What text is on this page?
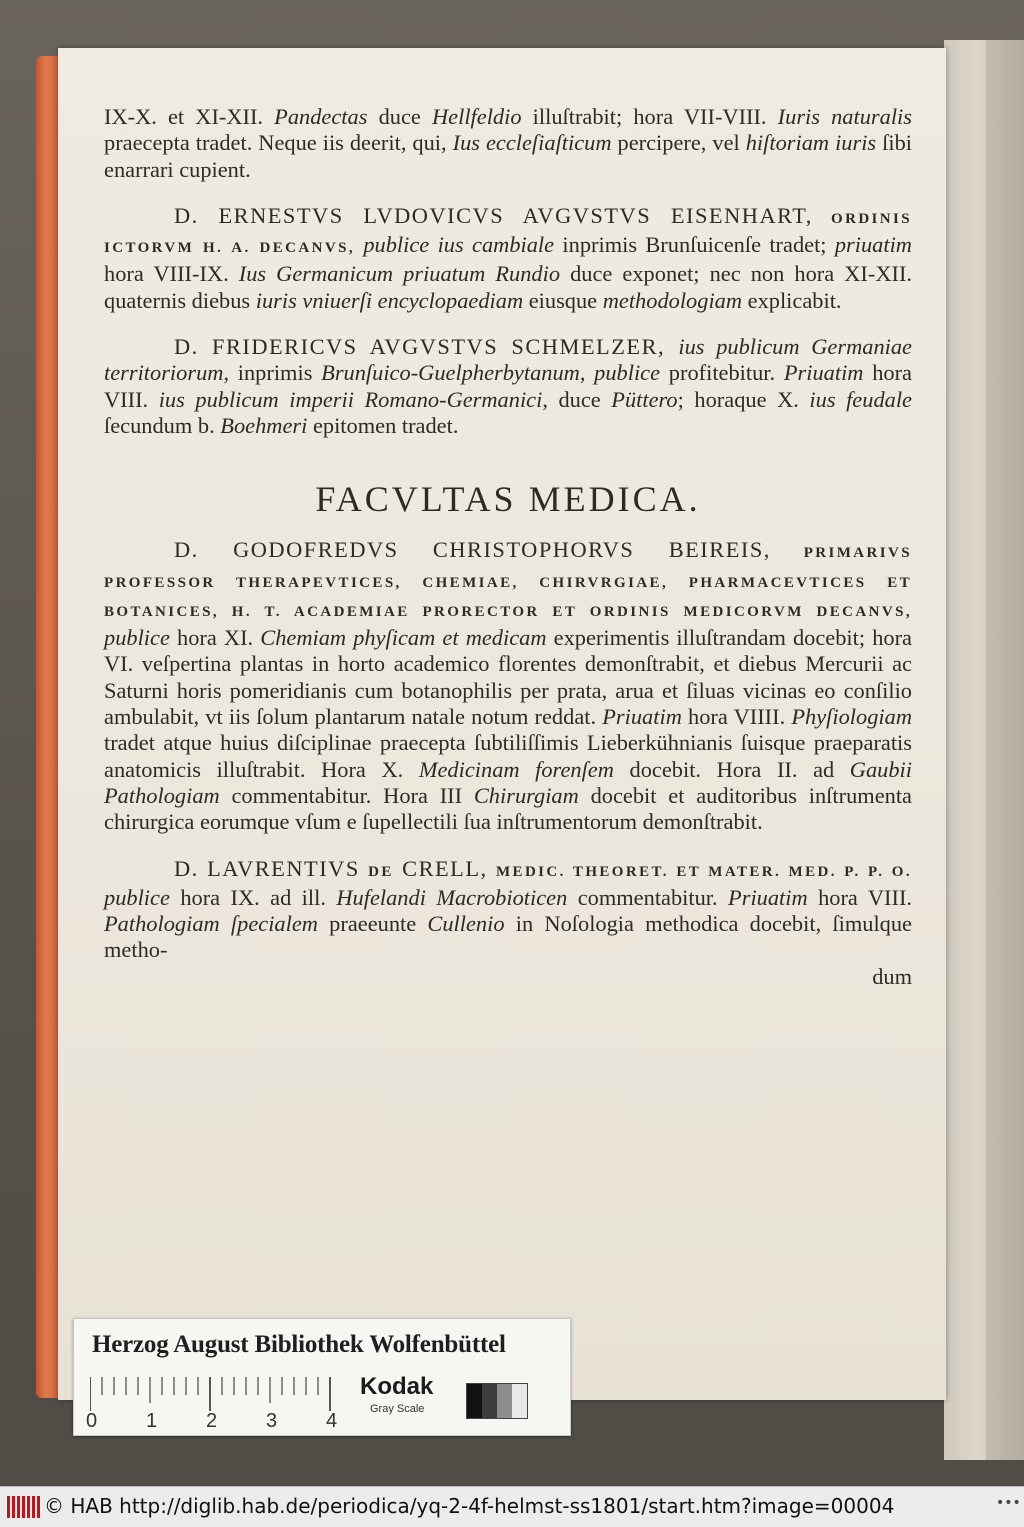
IX-X. et XI-XII. Pandectas duce Hellfeldio illuſtrabit; hora VII-VIII. Iuris naturalis praecepta tradet. Neque iis deerit, qui, Ius eccleſiaſticum percipere, vel hiſtoriam iuris ſibi enarrari cupient.

D. ERNESTVS LVDOVICVS AVGVSTVS EISENHART, ORDINIS ICTORVM H. A. DECANVS, publice ius cambiale inprimis Brunſuicenſe tradet; priuatim hora VIII-IX. Ius Germanicum priuatum Rundio duce exponet; nec non hora XI-XII. quaternis diebus iuris vniuerſi encyclopaediam eiusque methodologiam explicabit.

D. FRIDERICVS AVGVSTVS SCHMELZER, ius publicum Germaniae territoriorum, inprimis Brunſuico-Guelpherbytanum, publice profitebitur. Priuatim hora VIII. ius publicum imperii Romano-Germanici, duce Püttero; horaque X. ius feudale ſecundum b. Boehmeri epitomen tradet.

FACVLTAS MEDICA.

D. GODOFREDVS CHRISTOPHORVS BEIREIS, PRIMARIVS PROFESSOR THERAPEVTICES, CHEMIAE, CHIRVRGIAE, PHARMACEVTICES ET BOTANICES, H. T. ACADEMIAE PRORECTOR ET ORDINIS MEDICORVM DECANVS, publice hora XI. Chemiam phyſicam et medicam experimentis illuſtrandam docebit; hora VI. veſpertina plantas in horto academico florentes demonſtrabit, et diebus Mercurii ac Saturni horis pomeridianis cum botanophilis per prata, arua et ſiluas vicinas eo conſilio ambulabit, vt iis ſolum plantarum natale notum reddat. Priuatim hora VIIII. Phyſiologiam tradet atque huius diſciplinae praecepta ſubtiliſſimis Lieberkühnianis ſuisque praeparatis anatomicis illuſtrabit. Hora X. Medicinam forenſem docebit. Hora II. ad Gaubii Pathologiam commentabitur. Hora III Chirurgiam docebit et auditoribus inſtrumenta chirurgica eorumque vſum e ſupellectili ſua inſtrumentorum demonſtrabit.

D. LAVRENTIVS DE CRELL, MEDIC. THEORET. ET MATER. MED. P. P. O. publice hora IX. ad ill. Hufelandi Macrobioticen commentabitur. Priuatim hora VIII. Pathologiam ſpecialem praeeunte Cullenio in Noſologia methodica docebit, ſimulque metho-

dum
Herzog August Bibliothek Wolfenbüttel
0 1 2 3 4
Kodak
Gray Scale
© HAB http://diglib.hab.de/periodica/yq-2-4f-helmst-ss1801/start.htm?image=00004	•••
